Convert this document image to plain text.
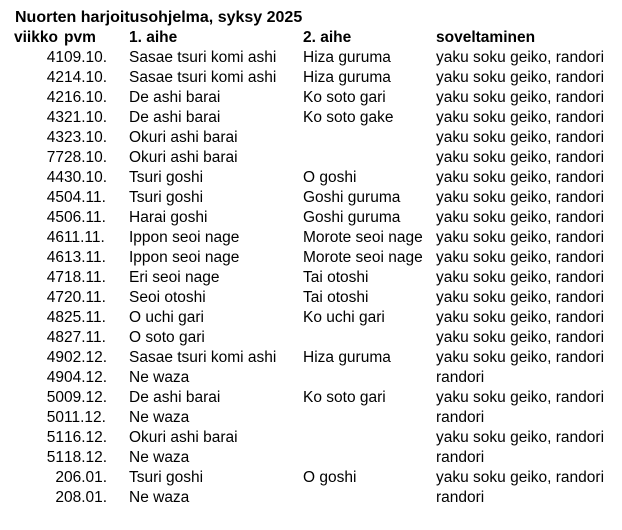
Nuorten harjoitusohjelma, syksy 2025
viikko	pvm	1. aihe	2. aihe	soveltaminen
41	09.10.	Sasae tsuri komi ashi	Hiza guruma	yaku soku geiko, randori
42	14.10.	Sasae tsuri komi ashi	Hiza guruma	yaku soku geiko, randori
42	16.10.	De ashi barai	Ko soto gari	yaku soku geiko, randori
43	21.10.	De ashi barai	Ko soto gake	yaku soku geiko, randori
43	23.10.	Okuri ashi barai		yaku soku geiko, randori
77	28.10.	Okuri ashi barai		yaku soku geiko, randori
44	30.10.	Tsuri goshi	O goshi	yaku soku geiko, randori
45	04.11.	Tsuri goshi	Goshi guruma	yaku soku geiko, randori
45	06.11.	Harai goshi	Goshi guruma	yaku soku geiko, randori
46	11.11.	Ippon seoi nage	Morote seoi nage	yaku soku geiko, randori
46	13.11.	Ippon seoi nage	Morote seoi nage	yaku soku geiko, randori
47	18.11.	Eri seoi nage	Tai otoshi	yaku soku geiko, randori
47	20.11.	Seoi otoshi	Tai otoshi	yaku soku geiko, randori
48	25.11.	O uchi gari	Ko uchi gari	yaku soku geiko, randori
48	27.11.	O soto gari		yaku soku geiko, randori
49	02.12.	Sasae tsuri komi ashi	Hiza guruma	yaku soku geiko, randori
49	04.12.	Ne waza		randori
50	09.12.	De ashi barai	Ko soto gari	yaku soku geiko, randori
50	11.12.	Ne waza		randori
51	16.12.	Okuri ashi barai		yaku soku geiko, randori
51	18.12.	Ne waza		randori
2	06.01.	Tsuri goshi	O goshi	yaku soku geiko, randori
2	08.01.	Ne waza		randori
